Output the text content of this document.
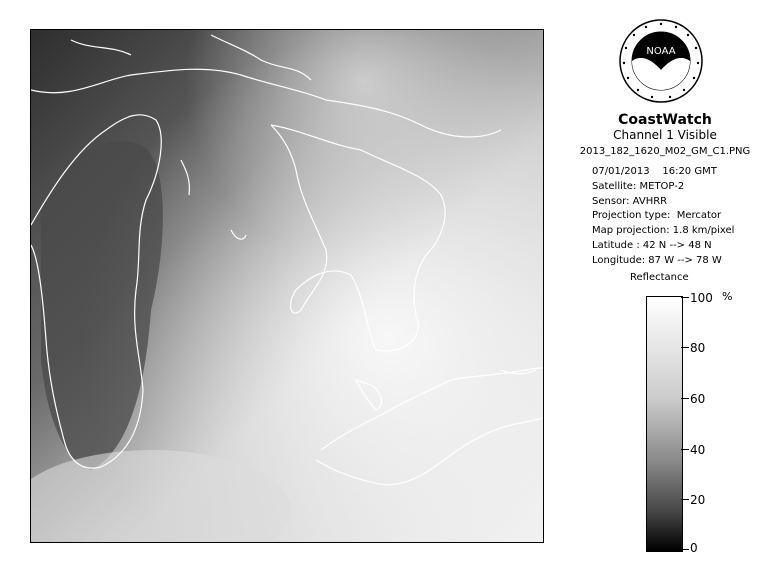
NOAA
CoastWatch
Channel 1 Visible
2013_182_1620_M02_GM_C1.PNG
07/01/2013    16:20 GMT
Satellite: METOP-2
Sensor: AVHRR
Projection type:  Mercator
Map projection: 1.8 km/pixel
Latitude : 42 N --> 48 N
Longitude: 87 W --> 78 W
Reflectance
%
100
80
60
40
20
0
